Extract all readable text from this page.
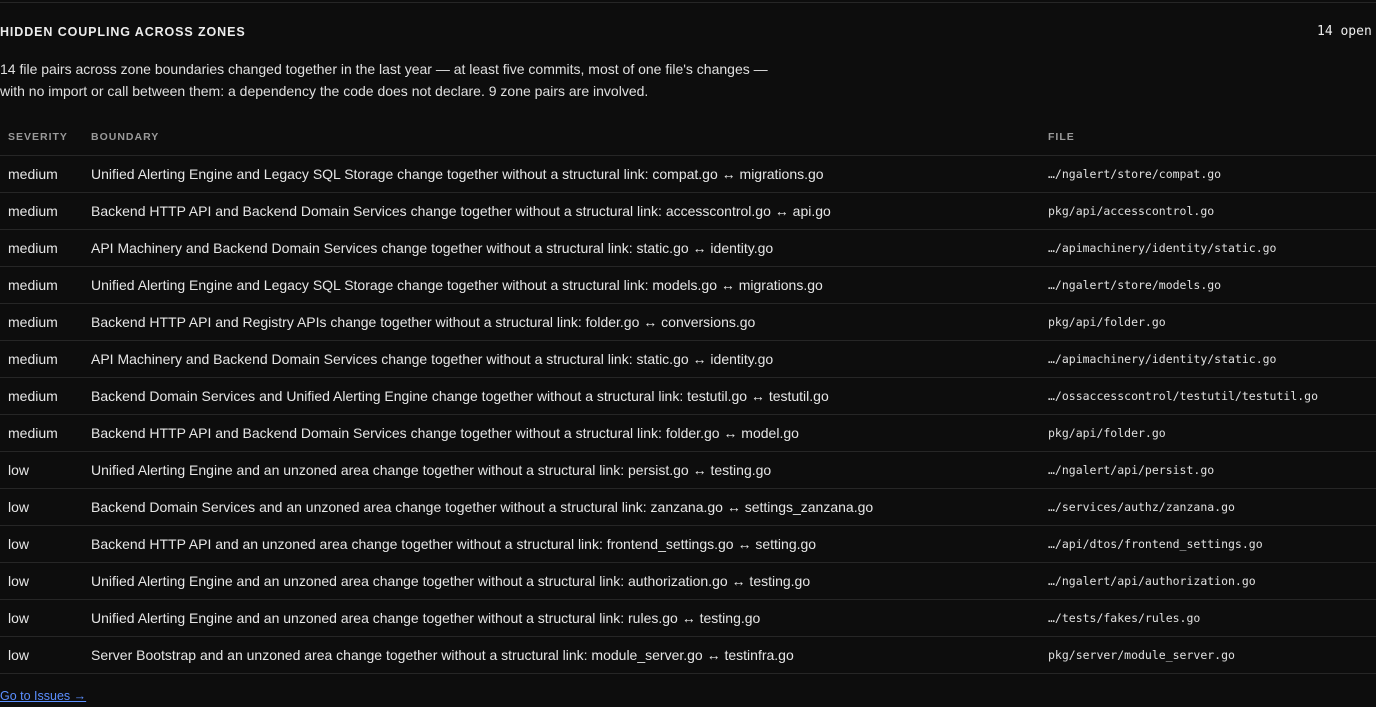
HIDDEN COUPLING ACROSS ZONES	14 open
14 file pairs across zone boundaries changed together in the last year — at least five commits, most of one file's changes —
with no import or call between them: a dependency the code does not declare. 9 zone pairs are involved.
SEVERITY	BOUNDARY	FILE
medium	Unified Alerting Engine and Legacy SQL Storage change together without a structural link: compat.go ↔ migrations.go	…/ngalert/store/compat.go
medium	Backend HTTP API and Backend Domain Services change together without a structural link: accesscontrol.go ↔ api.go	pkg/api/accesscontrol.go
medium	API Machinery and Backend Domain Services change together without a structural link: static.go ↔ identity.go	…/apimachinery/identity/static.go
medium	Unified Alerting Engine and Legacy SQL Storage change together without a structural link: models.go ↔ migrations.go	…/ngalert/store/models.go
medium	Backend HTTP API and Registry APIs change together without a structural link: folder.go ↔ conversions.go	pkg/api/folder.go
medium	API Machinery and Backend Domain Services change together without a structural link: static.go ↔ identity.go	…/apimachinery/identity/static.go
medium	Backend Domain Services and Unified Alerting Engine change together without a structural link: testutil.go ↔ testutil.go	…/ossaccesscontrol/testutil/testutil.go
medium	Backend HTTP API and Backend Domain Services change together without a structural link: folder.go ↔ model.go	pkg/api/folder.go
low	Unified Alerting Engine and an unzoned area change together without a structural link: persist.go ↔ testing.go	…/ngalert/api/persist.go
low	Backend Domain Services and an unzoned area change together without a structural link: zanzana.go ↔ settings_zanzana.go	…/services/authz/zanzana.go
low	Backend HTTP API and an unzoned area change together without a structural link: frontend_settings.go ↔ setting.go	…/api/dtos/frontend_settings.go
low	Unified Alerting Engine and an unzoned area change together without a structural link: authorization.go ↔ testing.go	…/ngalert/api/authorization.go
low	Unified Alerting Engine and an unzoned area change together without a structural link: rules.go ↔ testing.go	…/tests/fakes/rules.go
low	Server Bootstrap and an unzoned area change together without a structural link: module_server.go ↔ testinfra.go	pkg/server/module_server.go
Go to Issues →
